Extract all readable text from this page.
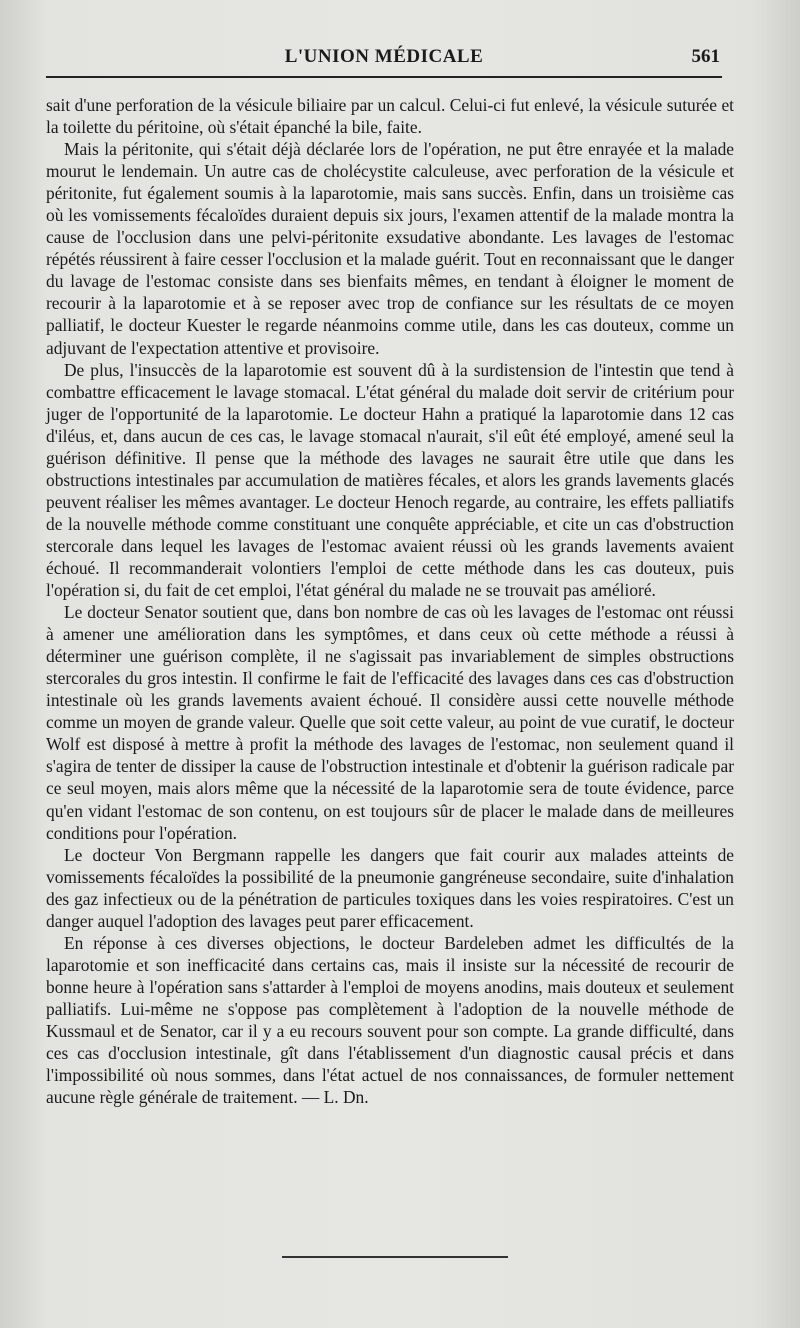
L'UNION MÉDICALE	561

sait d'une perforation de la vésicule biliaire par un calcul. Celui-ci fut enlevé, la vésicule suturée et la toilette du péritoine, où s'était épanché la bile, faite.

Mais la péritonite, qui s'était déjà déclarée lors de l'opération, ne put être enrayée et la malade mourut le lendemain. Un autre cas de cholécystite calculeuse, avec perforation de la vésicule et péritonite, fut également soumis à la laparotomie, mais sans succès. Enfin, dans un troisième cas où les vomissements fécaloïdes duraient depuis six jours, l'examen attentif de la malade montra la cause de l'occlusion dans une pelvi-péritonite exsudative abondante. Les lavages de l'estomac répétés réussirent à faire cesser l'occlusion et la malade guérit. Tout en reconnaissant que le danger du lavage de l'estomac consiste dans ses bienfaits mêmes, en tendant à éloigner le moment de recourir à la laparotomie et à se reposer avec trop de confiance sur les résultats de ce moyen palliatif, le docteur Kuester le regarde néanmoins comme utile, dans les cas douteux, comme un adjuvant de l'expectation attentive et provisoire.

De plus, l'insuccès de la laparotomie est souvent dû à la surdistension de l'intestin que tend à combattre efficacement le lavage stomacal. L'état général du malade doit servir de critérium pour juger de l'opportunité de la laparotomie. Le docteur Hahn a pratiqué la laparotomie dans 12 cas d'iléus, et, dans aucun de ces cas, le lavage stomacal n'aurait, s'il eût été employé, amené seul la guérison définitive. Il pense que la méthode des lavages ne saurait être utile que dans les obstructions intestinales par accumulation de matières fécales, et alors les grands lavements glacés peuvent réaliser les mêmes avantager. Le docteur Henoch regarde, au contraire, les effets palliatifs de la nouvelle méthode comme constituant une conquête appréciable, et cite un cas d'obstruction stercorale dans lequel les lavages de l'estomac avaient réussi où les grands lavements avaient échoué. Il recommanderait volontiers l'emploi de cette méthode dans les cas douteux, puis l'opération si, du fait de cet emploi, l'état général du malade ne se trouvait pas amélioré.

Le docteur Senator soutient que, dans bon nombre de cas où les lavages de l'estomac ont réussi à amener une amélioration dans les symptômes, et dans ceux où cette méthode a réussi à déterminer une guérison complète, il ne s'agissait pas invariablement de simples obstructions stercorales du gros intestin. Il confirme le fait de l'efficacité des lavages dans ces cas d'obstruction intestinale où les grands lavements avaient échoué. Il considère aussi cette nouvelle méthode comme un moyen de grande valeur. Quelle que soit cette valeur, au point de vue curatif, le docteur Wolf est disposé à mettre à profit la méthode des lavages de l'estomac, non seulement quand il s'agira de tenter de dissiper la cause de l'obstruction intestinale et d'obtenir la guérison radicale par ce seul moyen, mais alors même que la nécessité de la laparotomie sera de toute évidence, parce qu'en vidant l'estomac de son contenu, on est toujours sûr de placer le malade dans de meilleures conditions pour l'opération.

Le docteur Von Bergmann rappelle les dangers que fait courir aux malades atteints de vomissements fécaloïdes la possibilité de la pneumonie gangréneuse secondaire, suite d'inhalation des gaz infectieux ou de la pénétration de particules toxiques dans les voies respiratoires. C'est un danger auquel l'adoption des lavages peut parer efficacement.

En réponse à ces diverses objections, le docteur Bardeleben admet les difficultés de la laparotomie et son inefficacité dans certains cas, mais il insiste sur la nécessité de recourir de bonne heure à l'opération sans s'attarder à l'emploi de moyens anodins, mais douteux et seulement palliatifs. Lui-même ne s'oppose pas complètement à l'adoption de la nouvelle méthode de Kussmaul et de Senator, car il y a eu recours souvent pour son compte. La grande difficulté, dans ces cas d'occlusion intestinale, gît dans l'établissement d'un diagnostic causal précis et dans l'impossibilité où nous sommes, dans l'état actuel de nos connaissances, de formuler nettement aucune règle générale de traitement. — L. Dn.
